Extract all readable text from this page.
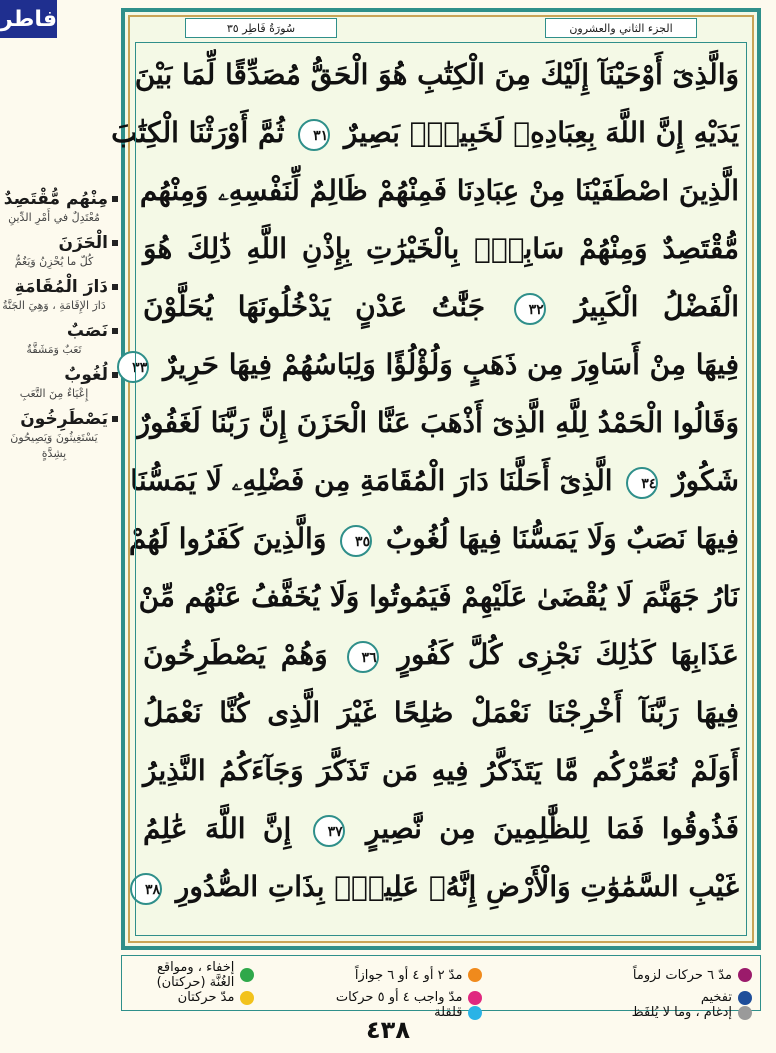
فاطر
مِنْهُم مُّقْتَصِدٌ
مُعْتَدِلٌ في أَمْرِ الدِّينِ
الْحَزَنَ
كُلّ ما يُحْزِنُ وَيَغُمُّ
دَارَ الْمُقَامَةِ
دَارَ الإِقَامَةِ ، وَهِيَ الجَنَّةُ
نَصَبٌ
تَعَبٌ وَمَشَقَّةٌ
لُغُوبٌ
إِعْيَاءٌ مِنَ التَّعَبِ
يَصْطَرِخُونَ
يَسْتَغِيثُونَ وَيَصِيحُونَ بِشِدَّةٍ
سُورَةُ فَاطِر ٣٥	الجزء الثاني والعشرون
وَالَّذِىٓ أَوْحَيْنَآ إِلَيْكَ مِنَ الْكِتَٰبِ هُوَ الْحَقُّ مُصَدِّقًا لِّمَا بَيْنَ
يَدَيْهِ إِنَّ اللَّهَ بِعِبَادِهِۦ لَخَبِيرٌۢ بَصِيرٌ ٣١ ثُمَّ أَوْرَثْنَا الْكِتَٰبَ
الَّذِينَ اصْطَفَيْنَا مِنْ عِبَادِنَا فَمِنْهُمْ ظَالِمٌ لِّنَفْسِهِۦ وَمِنْهُم
مُّقْتَصِدٌ وَمِنْهُمْ سَابِقٌۢ بِالْخَيْرَٰتِ بِإِذْنِ اللَّهِ ذَٰلِكَ هُوَ
الْفَضْلُ الْكَبِيرُ ٣٢ جَنَّٰتُ عَدْنٍ يَدْخُلُونَهَا يُحَلَّوْنَ
فِيهَا مِنْ أَسَاوِرَ مِن ذَهَبٍ وَلُؤْلُؤًا وَلِبَاسُهُمْ فِيهَا حَرِيرٌ ٣٣
وَقَالُوا الْحَمْدُ لِلَّهِ الَّذِىٓ أَذْهَبَ عَنَّا الْحَزَنَ إِنَّ رَبَّنَا لَغَفُورٌ
شَكُورٌ ٣٤ الَّذِىٓ أَحَلَّنَا دَارَ الْمُقَامَةِ مِن فَضْلِهِۦ لَا يَمَسُّنَا
فِيهَا نَصَبٌ وَلَا يَمَسُّنَا فِيهَا لُغُوبٌ ٣٥ وَالَّذِينَ كَفَرُوا لَهُمْ
نَارُ جَهَنَّمَ لَا يُقْضَىٰ عَلَيْهِمْ فَيَمُوتُوا وَلَا يُخَفَّفُ عَنْهُم مِّنْ
عَذَابِهَا كَذَٰلِكَ نَجْزِى كُلَّ كَفُورٍ ٣٦ وَهُمْ يَصْطَرِخُونَ
فِيهَا رَبَّنَآ أَخْرِجْنَا نَعْمَلْ صَٰلِحًا غَيْرَ الَّذِى كُنَّا نَعْمَلُ
أَوَلَمْ نُعَمِّرْكُم مَّا يَتَذَكَّرُ فِيهِ مَن تَذَكَّرَ وَجَآءَكُمُ النَّذِيرُ
فَذُوقُوا فَمَا لِلظَّٰلِمِينَ مِن نَّصِيرٍ ٣٧ إِنَّ اللَّهَ عَٰلِمُ
غَيْبِ السَّمَٰوَٰتِ وَالْأَرْضِ إِنَّهُۥ عَلِيمٌۢ بِذَاتِ الصُّدُورِ ٣٨
مدّ ٦ حركات لزوماً
مدّ ٢ أو ٤ أو ٦ جوازاً
إخفاء ، ومواقع الغُنَّة (حركتان)
تفخيم
مدّ واجب ٤ أو ٥ حركات
مدّ حركتان
إدغام ، وما لا يُلفَظ
قلقلة
٤٣٨
